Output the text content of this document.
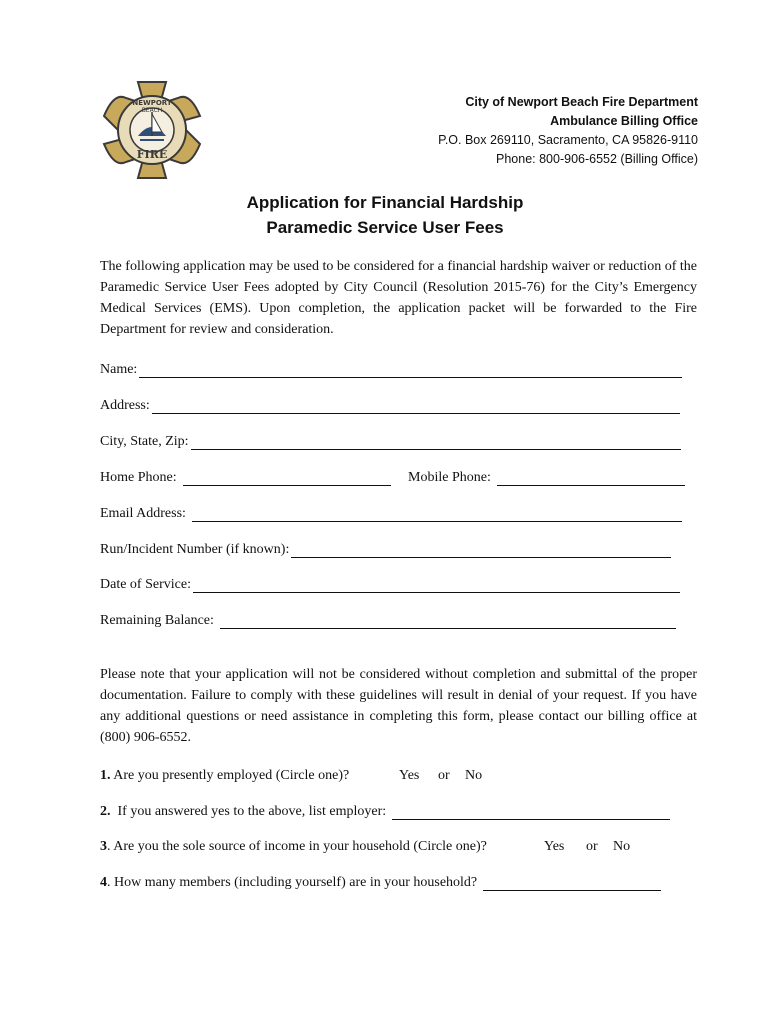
NEWPORT
BEACH
FIRE
City of Newport Beach Fire Department
Ambulance Billing Office
P.O. Box 269110, Sacramento, CA 95826-9110
Phone: 800-906-6552 (Billing Office)
Application for Financial Hardship
Paramedic Service User Fees

The following application may be used to be considered for a financial hardship waiver or reduction of the Paramedic Service User Fees adopted by City Council (Resolution 2015-76) for the City’s Emergency Medical Services (EMS). Upon completion, the application packet will be forwarded to the Fire Department for review and consideration.

Name:
Address:
City, State, Zip:
Home Phone:	Mobile Phone:
Email Address:
Run/Incident Number (if known):
Date of Service:
Remaining Balance:

Please note that your application will not be considered without completion and submittal of the proper documentation. Failure to comply with these guidelines will result in denial of your request. If you have any additional questions or need assistance in completing this form, please contact our billing office at (800) 906-6552.

1. Are you presently employed (Circle one)?	Yes or No
2. If you answered yes to the above, list employer:
3. Are you the sole source of income in your household (Circle one)?	Yes or No
4 . How many members (including yourself) are in your household?
